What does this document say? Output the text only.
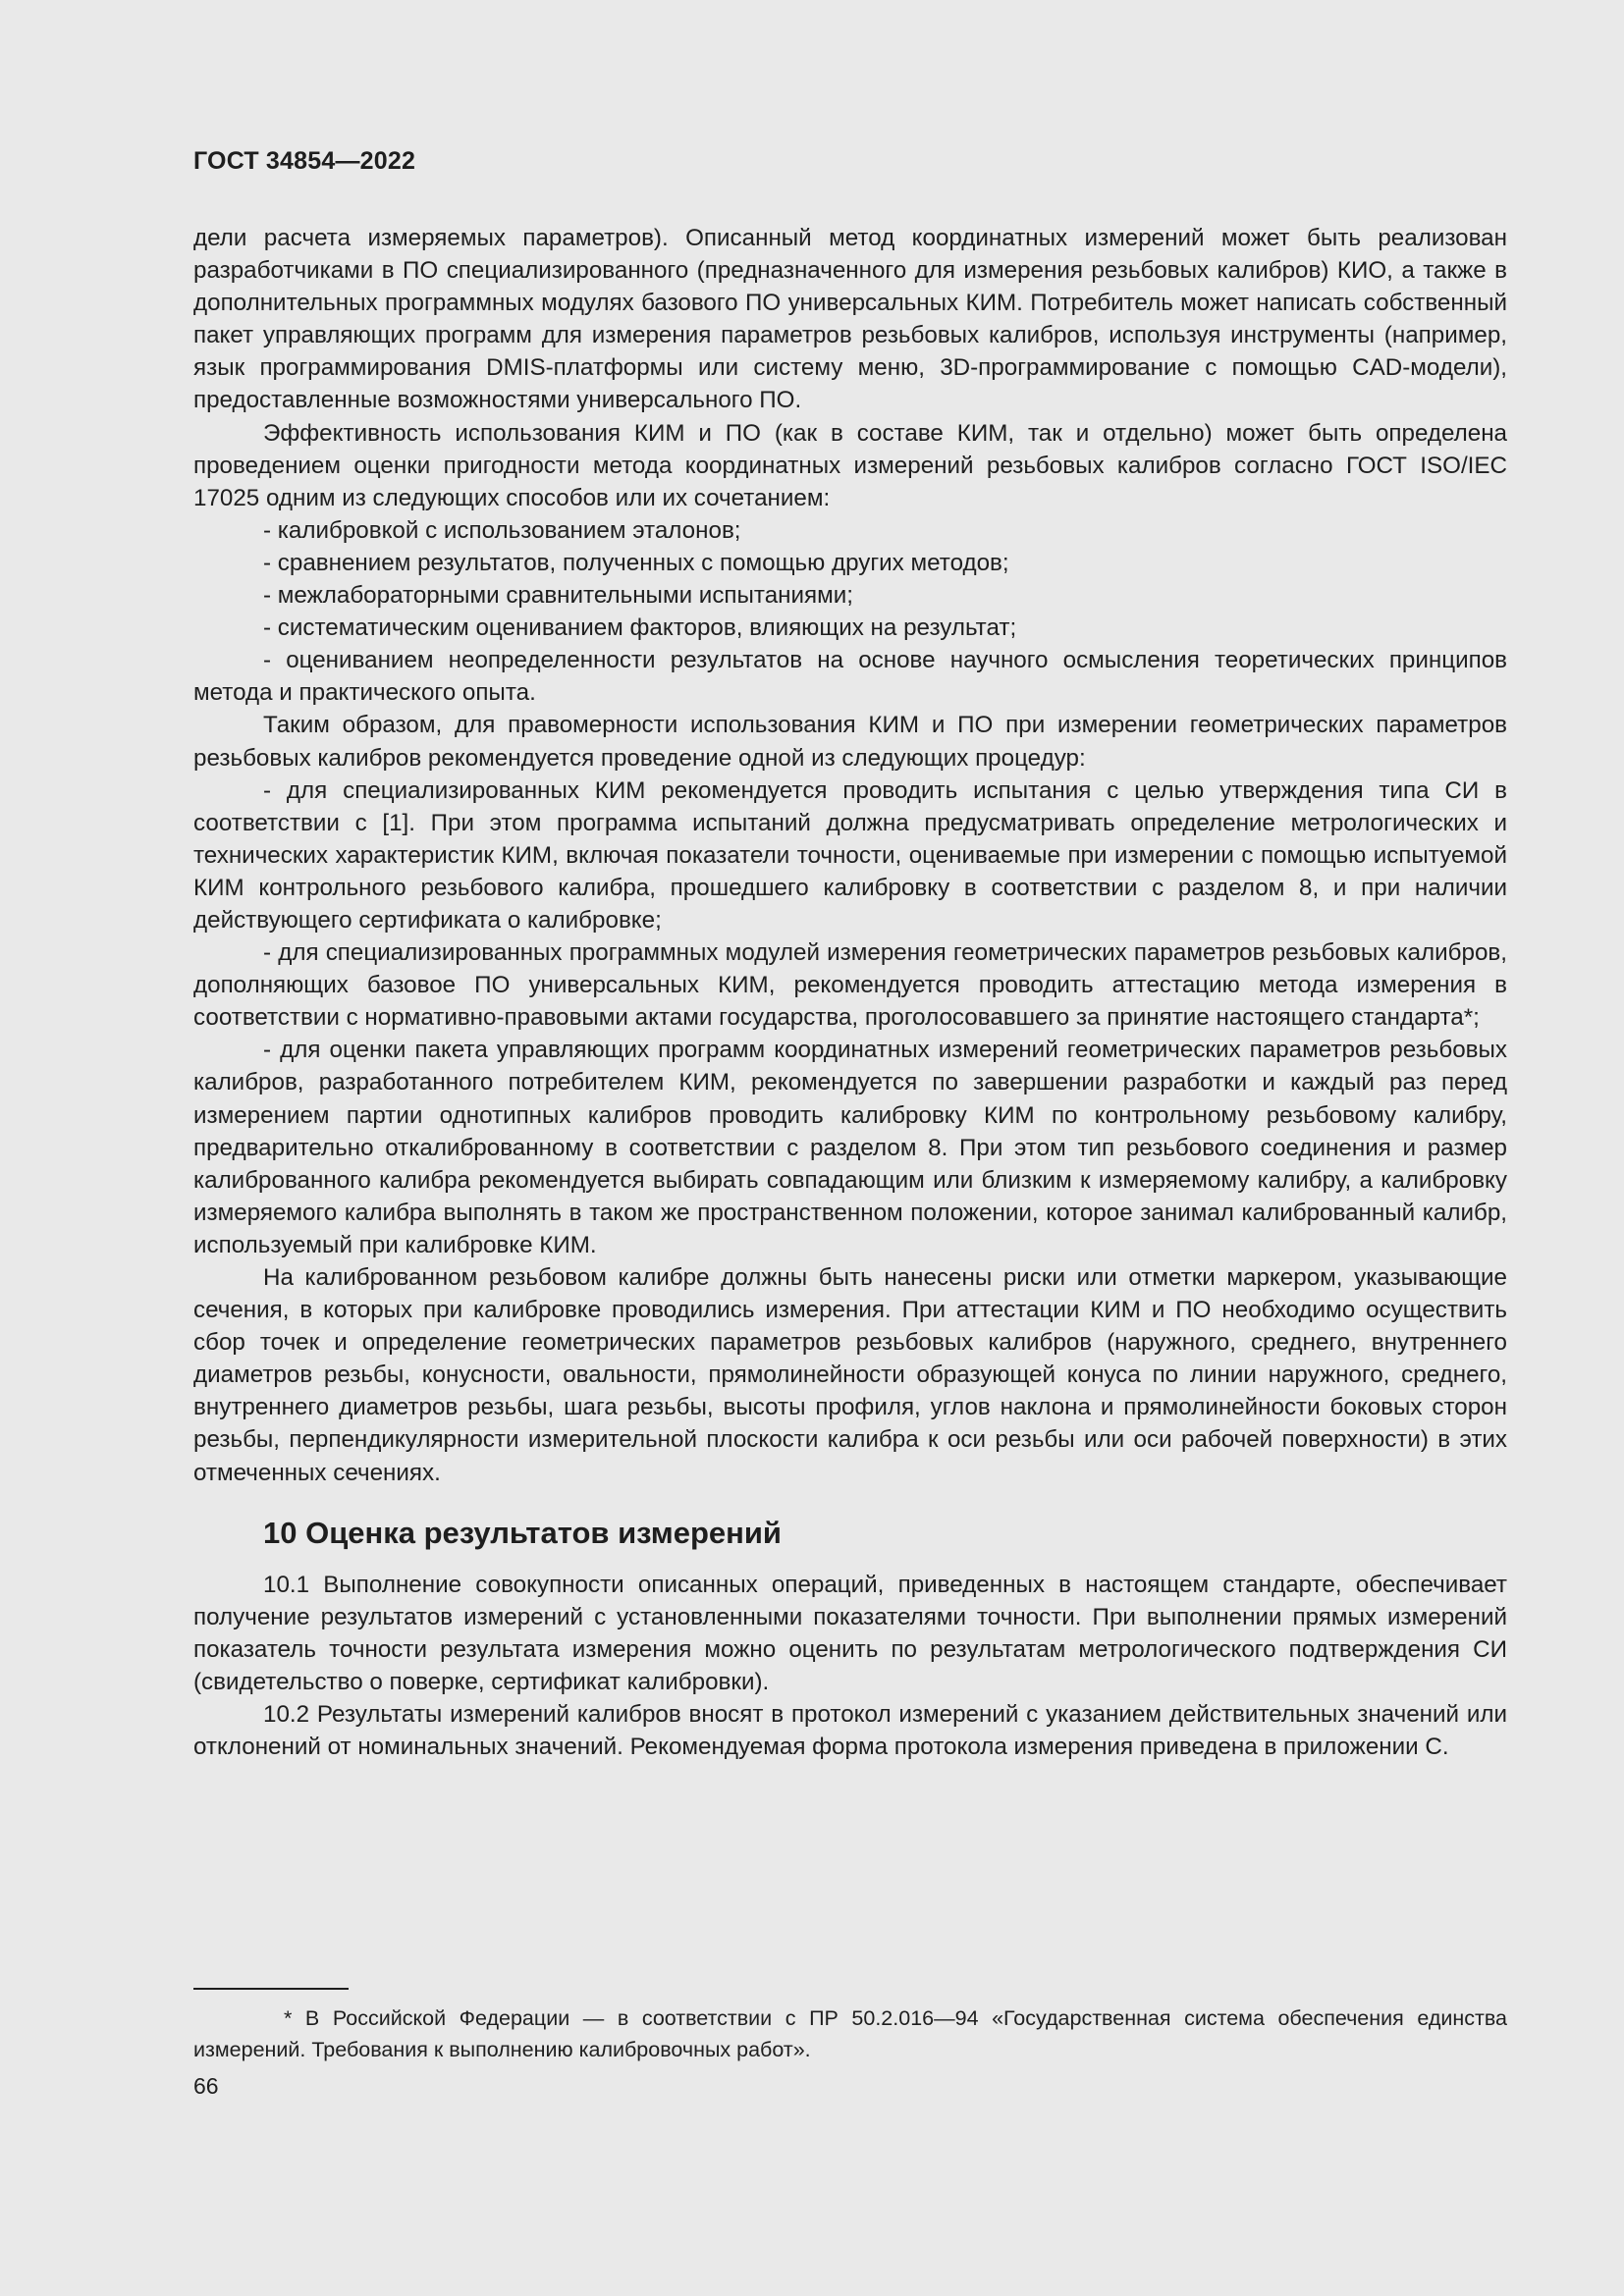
ГОСТ 34854—2022

дели расчета измеряемых параметров). Описанный метод координатных измерений может быть реализован разработчиками в ПО специализированного (предназначенного для измерения резьбовых калибров) КИО, а также в дополнительных программных модулях базового ПО универсальных КИМ. Потребитель может написать собственный пакет управляющих программ для измерения параметров резьбовых калибров, используя инструменты (например, язык программирования DMIS-платформы или систему меню, 3D-программирование с помощью CAD-модели), предоставленные возможностями универсального ПО.

Эффективность использования КИМ и ПО (как в составе КИМ, так и отдельно) может быть определена проведением оценки пригодности метода координатных измерений резьбовых калибров согласно ГОСТ ISO/IEC 17025 одним из следующих способов или их сочетанием:

- калибровкой с использованием эталонов;

- сравнением результатов, полученных с помощью других методов;

- межлабораторными сравнительными испытаниями;

- систематическим оцениванием факторов, влияющих на результат;

- оцениванием неопределенности результатов на основе научного осмысления теоретических принципов метода и практического опыта.

Таким образом, для правомерности использования КИМ и ПО при измерении геометрических параметров резьбовых калибров рекомендуется проведение одной из следующих процедур:

- для специализированных КИМ рекомендуется проводить испытания с целью утверждения типа СИ в соответствии с [1]. При этом программа испытаний должна предусматривать определение метрологических и технических характеристик КИМ, включая показатели точности, оцениваемые при измерении с помощью испытуемой КИМ контрольного резьбового калибра, прошедшего калибровку в соответствии с разделом 8, и при наличии действующего сертификата о калибровке;

- для специализированных программных модулей измерения геометрических параметров резьбовых калибров, дополняющих базовое ПО универсальных КИМ, рекомендуется проводить аттестацию метода измерения в соответствии с нормативно-правовыми актами государства, проголосовавшего за принятие настоящего стандарта*;

- для оценки пакета управляющих программ координатных измерений геометрических параметров резьбовых калибров, разработанного потребителем КИМ, рекомендуется по завершении разработки и каждый раз перед измерением партии однотипных калибров проводить калибровку КИМ по контрольному резьбовому калибру, предварительно откалиброванному в соответствии с разделом 8. При этом тип резьбового соединения и размер калиброванного калибра рекомендуется выбирать совпадающим или близким к измеряемому калибру, а калибровку измеряемого калибра выполнять в таком же пространственном положении, которое занимал калиброванный калибр, используемый при калибровке КИМ.

На калиброванном резьбовом калибре должны быть нанесены риски или отметки маркером, указывающие сечения, в которых при калибровке проводились измерения. При аттестации КИМ и ПО необходимо осуществить сбор точек и определение геометрических параметров резьбовых калибров (наружного, среднего, внутреннего диаметров резьбы, конусности, овальности, прямолинейности образующей конуса по линии наружного, среднего, внутреннего диаметров резьбы, шага резьбы, высоты профиля, углов наклона и прямолинейности боковых сторон резьбы, перпендикулярности измерительной плоскости калибра к оси резьбы или оси рабочей поверхности) в этих отмеченных сечениях.

10 Оценка результатов измерений

10.1 Выполнение совокупности описанных операций, приведенных в настоящем стандарте, обеспечивает получение результатов измерений с установленными показателями точности. При выполнении прямых измерений показатель точности результата измерения можно оценить по результатам метрологического подтверждения СИ (свидетельство о поверке, сертификат калибровки).

10.2 Результаты измерений калибров вносят в протокол измерений с указанием действительных значений или отклонений от номинальных значений. Рекомендуемая форма протокола измерения приведена в приложении С.

* В Российской Федерации — в соответствии с ПР 50.2.016—94 «Государственная система обеспечения единства измерений. Требования к выполнению калибровочных работ».

66
